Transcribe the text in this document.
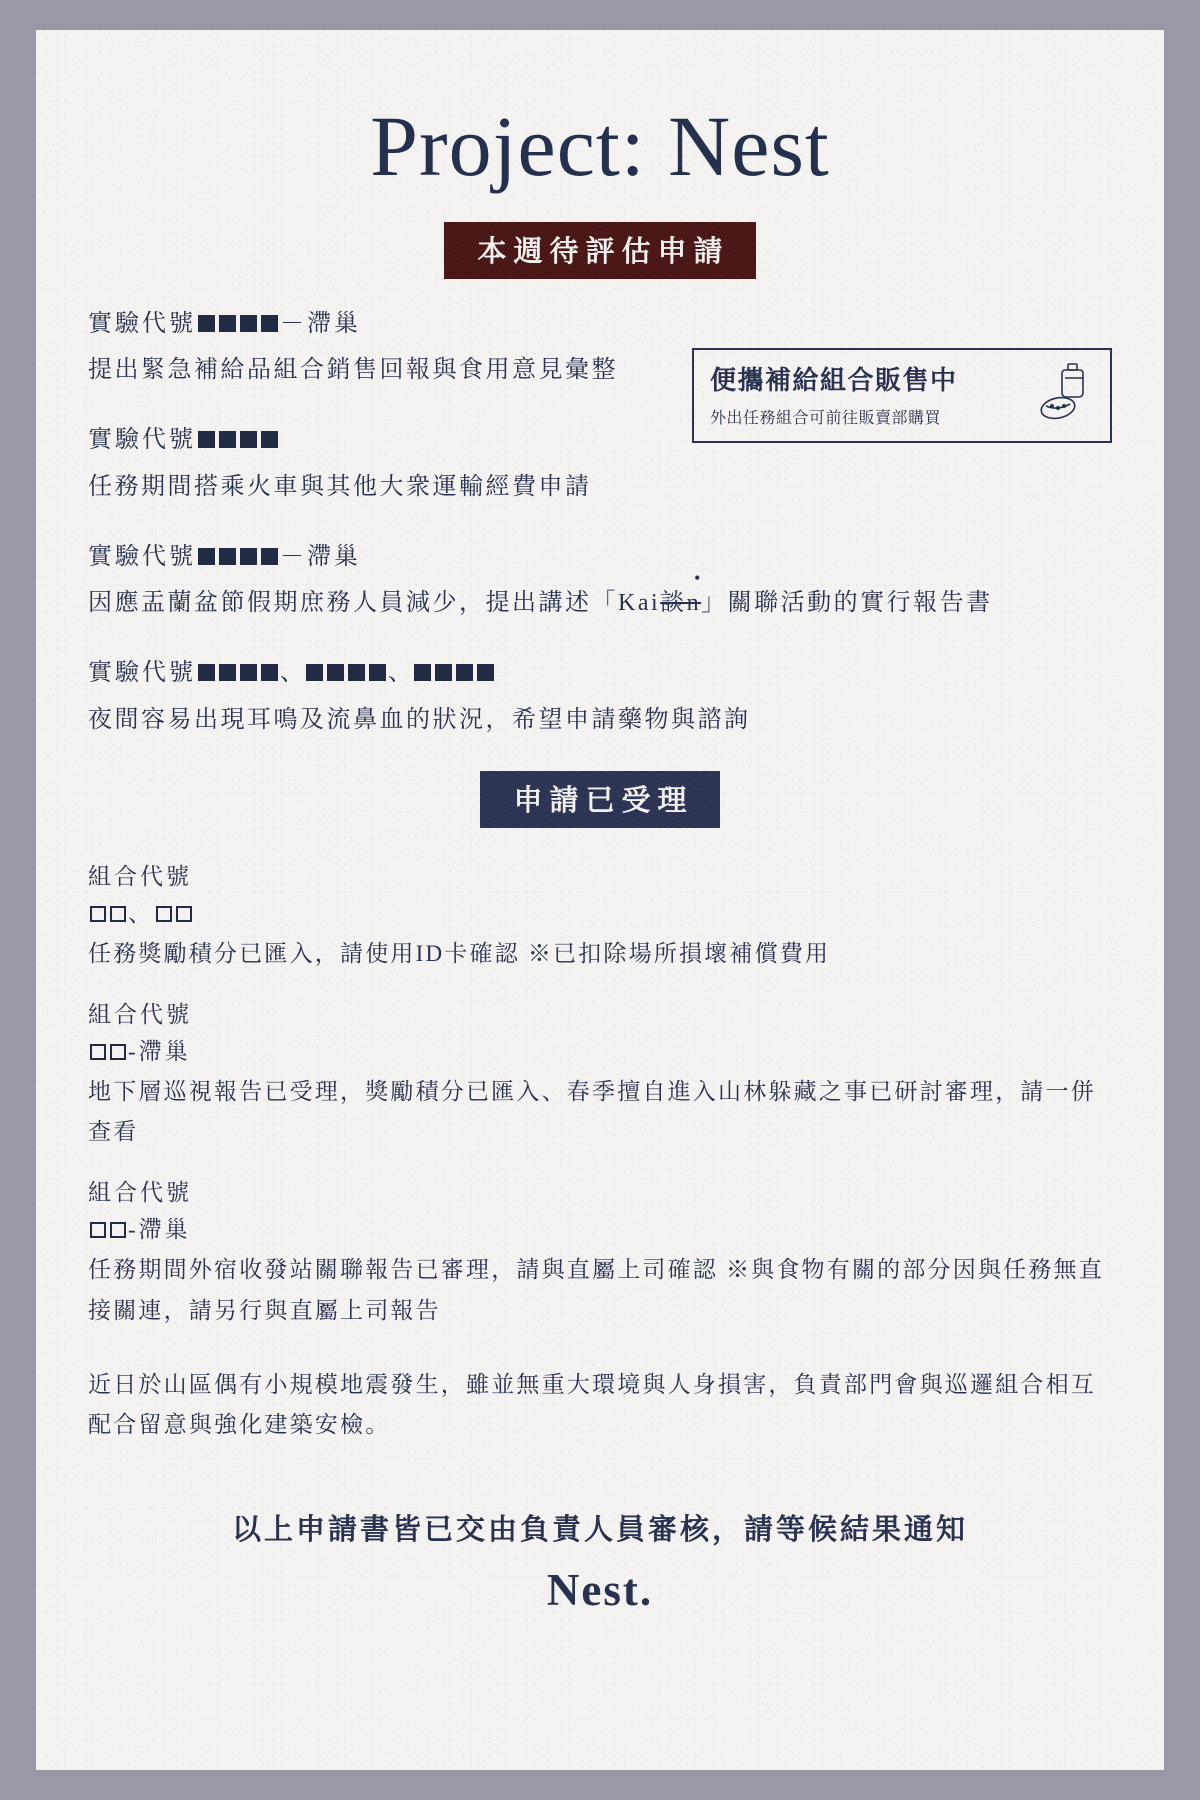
Project: Nest
本週待評估申請
便攜補給組合販售中
外出任務組合可前往販賣部購買
實驗代號	－滯巢
提出緊急補給品組合銷售回報與食用意見彙整
實驗代號
任務期間搭乘火車與其他大衆運輸經費申請
實驗代號	－滯巢
因應盂蘭盆節假期庶務人員減少，提出講述「Kai
•
談n」關聯活動的實行報告書
實驗代號	、	、
夜間容易出現耳鳴及流鼻血的狀況，希望申請藥物與諮詢
申請已受理
組合代號
、
任務獎勵積分已匯入，請使用ID卡確認 ※已扣除場所損壞補償費用
組合代號
-滯巢
地下層巡視報告已受理，獎勵積分已匯入、春季擅自進入山林躲藏之事已研討審理，請一併查看
組合代號
-滯巢
任務期間外宿收發站關聯報告已審理，請與直屬上司確認 ※與食物有關的部分因與任務無直接關連，請另行與直屬上司報告
近日於山區偶有小規模地震發生，雖並無重大環境與人身損害，負責部門會與巡邏組合相互配合留意與強化建築安檢。
以上申請書皆已交由負責人員審核，請等候結果通知
Nest.
